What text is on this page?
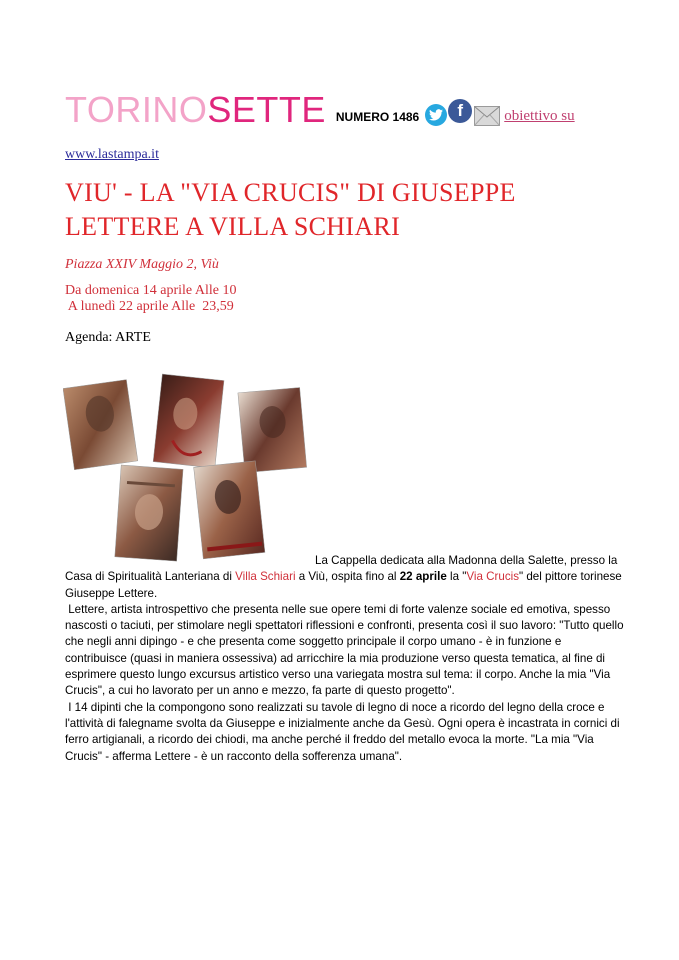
TORINOSETTE NUMERO 1486	f	obiettivo su
www.lastampa.it
VIU' - LA "VIA CRUCIS" DI GIUSEPPE LETTERE A VILLA SCHIARI
Piazza XXIV Maggio 2, Viù
Da domenica 14 aprile Alle 10
A lunedì 22 aprile Alle  23,59
Agenda: ARTE

La Cappella dedicata alla Madonna della Salette, presso la Casa di Spiritualità Lanteriana di Villa Schiari a Viù, ospita fino al 22 aprile la "Via Crucis" del pittore torinese Giuseppe Lettere.

Lettere, artista introspettivo che presenta nelle sue opere temi di forte valenze sociale ed emotiva, spesso nascosti o taciuti, per stimolare negli spettatori riflessioni e confronti, presenta così il suo lavoro: "Tutto quello che negli anni dipingo - e che presenta come soggetto principale il corpo umano - è in funzione e contribuisce (quasi in maniera ossessiva) ad arricchire la mia produzione verso questa tematica, al fine di esprimere questo lungo excursus artistico verso una variegata mostra sul tema: il corpo. Anche la mia "Via Crucis", a cui ho lavorato per un anno e mezzo, fa parte di questo progetto".

I 14 dipinti che la compongono sono realizzati su tavole di legno di noce a ricordo del legno della croce e l'attività di falegname svolta da Giuseppe e inizialmente anche da Gesù. Ogni opera è incastrata in cornici di ferro artigianali, a ricordo dei chiodi, ma anche perché il freddo del metallo evoca la morte. "La mia "Via Crucis" - afferma Lettere - è un racconto della sofferenza umana".
